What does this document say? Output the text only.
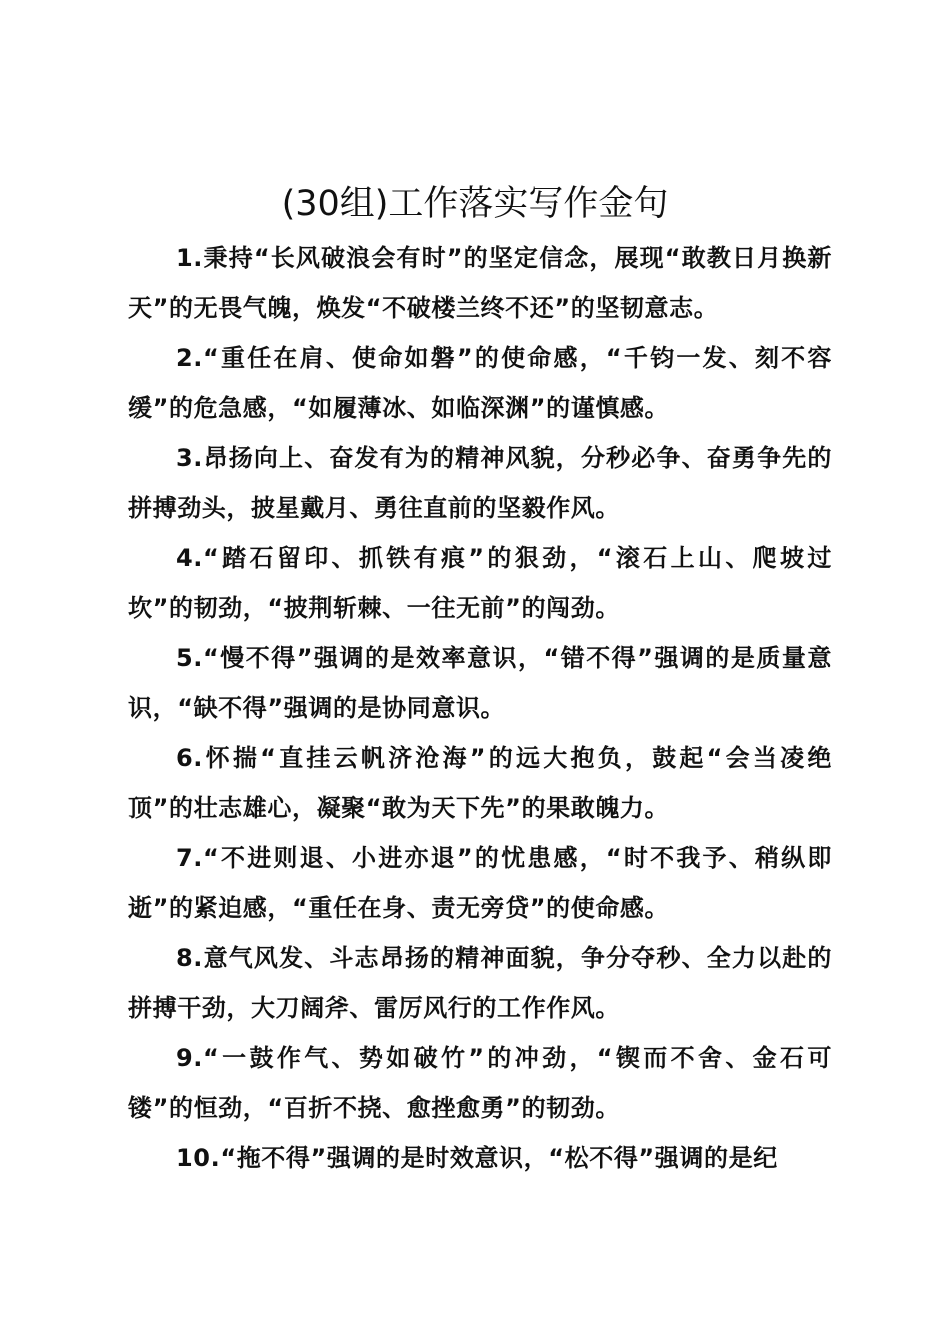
(30组)工作落实写作金句

1.秉持“长风破浪会有时”的坚定信念，展现“敢教日月换新天”的无畏气魄，焕发“不破楼兰终不还”的坚韧意志。

2.“重任在肩、使命如磐”的使命感，“千钧一发、刻不容缓”的危急感，“如履薄冰、如临深渊”的谨慎感。

3.昂扬向上、奋发有为的精神风貌，分秒必争、奋勇争先的拼搏劲头，披星戴月、勇往直前的坚毅作风。

4.“踏石留印、抓铁有痕”的狠劲，“滚石上山、爬坡过坎”的韧劲，“披荆斩棘、一往无前”的闯劲。

5.“慢不得”强调的是效率意识，“错不得”强调的是质量意识，“缺不得”强调的是协同意识。

6.怀揣“直挂云帆济沧海”的远大抱负，鼓起“会当凌绝顶”的壮志雄心，凝聚“敢为天下先”的果敢魄力。

7.“不进则退、小进亦退”的忧患感，“时不我予、稍纵即逝”的紧迫感，“重任在身、责无旁贷”的使命感。

8.意气风发、斗志昂扬的精神面貌，争分夺秒、全力以赴的拼搏干劲，大刀阔斧、雷厉风行的工作作风。

9.“一鼓作气、势如破竹”的冲劲，“锲而不舍、金石可镂”的恒劲，“百折不挠、愈挫愈勇”的韧劲。

10.“拖不得”强调的是时效意识，“松不得”强调的是纪
